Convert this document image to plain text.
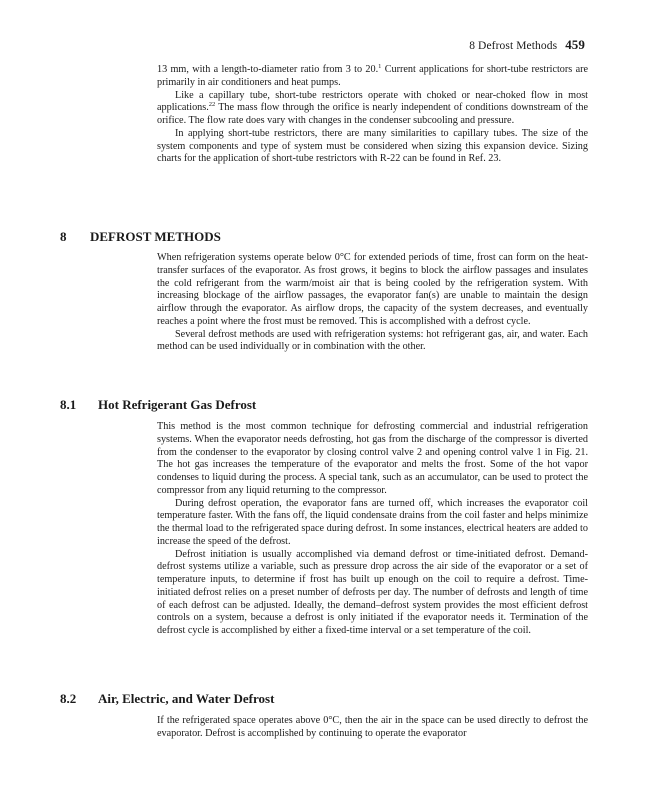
8 Defrost Methods 459

13 mm, with a length-to-diameter ratio from 3 to 20.$^1$ Current applications for short-tube restrictors are primarily in air conditioners and heat pumps.

Like a capillary tube, short-tube restrictors operate with choked or near-choked flow in most applications.$^{22}$ The mass flow through the orifice is nearly independent of conditions downstream of the orifice. The flow rate does vary with changes in the condenser subcooling and pressure.

In applying short-tube restrictors, there are many similarities to capillary tubes. The size of the system components and type of system must be considered when sizing this expansion device. Sizing charts for the application of short-tube restrictors with R-22 can be found in Ref. 23.

8 DEFROST METHODS

When refrigeration systems operate below 0°C for extended periods of time, frost can form on the heat-transfer surfaces of the evaporator. As frost grows, it begins to block the airflow passages and insulates the cold refrigerant from the warm/moist air that is being cooled by the refrigeration system. With increasing blockage of the airflow passages, the evaporator fan(s) are unable to maintain the design airflow through the evaporator. As airflow drops, the capacity of the system decreases, and eventually reaches a point where the frost must be removed. This is accomplished with a defrost cycle.

Several defrost methods are used with refrigeration systems: hot refrigerant gas, air, and water. Each method can be used individually or in combination with the other.

8.1 Hot Refrigerant Gas Defrost

This method is the most common technique for defrosting commercial and industrial refrigeration systems. When the evaporator needs defrosting, hot gas from the discharge of the compressor is diverted from the condenser to the evaporator by closing control valve 2 and opening control valve 1 in Fig. 21. The hot gas increases the temperature of the evaporator and melts the frost. Some of the hot vapor condenses to liquid during the process. A special tank, such as an accumulator, can be used to protect the compressor from any liquid returning to the compressor.

During defrost operation, the evaporator fans are turned off, which increases the evaporator coil temperature faster. With the fans off, the liquid condensate drains from the coil faster and helps minimize the thermal load to the refrigerated space during defrost. In some instances, electrical heaters are added to increase the speed of the defrost.

Defrost initiation is usually accomplished via demand defrost or time-initiated defrost. Demand-defrost systems utilize a variable, such as pressure drop across the air side of the evaporator or a set of temperature inputs, to determine if frost has built up enough on the coil to require a defrost. Time-initiated defrost relies on a preset number of defrosts per day. The number of defrosts and length of time of each defrost can be adjusted. Ideally, the demand–defrost system provides the most efficient defrost controls on a system, because a defrost is only initiated if the evaporator needs it. Termination of the defrost cycle is accomplished by either a fixed-time interval or a set temperature of the coil.

8.2 Air, Electric, and Water Defrost

If the refrigerated space operates above 0°C, then the air in the space can be used directly to defrost the evaporator. Defrost is accomplished by continuing to operate the evaporator
